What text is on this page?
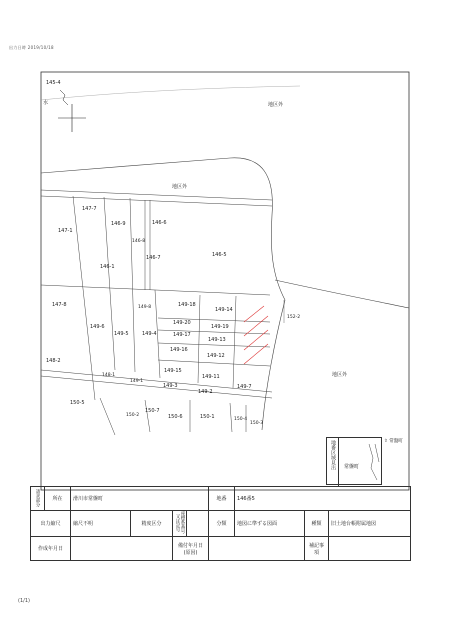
出力日時 2019/10/18
地区外
地区外
地区外
水
145-4
147-7
146-9	146-6
147-1
146-8
146-7	146-5
146-1
147-8
149-6
149-5	149-4
149-8	149-18
149-14
149-20
149-19
149-17
149-13
149-16
149-12
149-15
149-11
149-3
149-2
149-7
148-2
150-5
150-7
150-6	150-1	150-4
150-3
150-2
152-2
148-1
149-1
地番区域見出	常盤町
⇧ 常盤町
請求部分	所在	滑川市常盤町				地番	146番5		
出力縮尺		縮尺不明	精度区分	座標系番号又は記号		分類	地図に準ずる図面	種類	旧土地台帳附属地図
作成年月日				備付年月日(原因)				補記事項	
(1/1)
